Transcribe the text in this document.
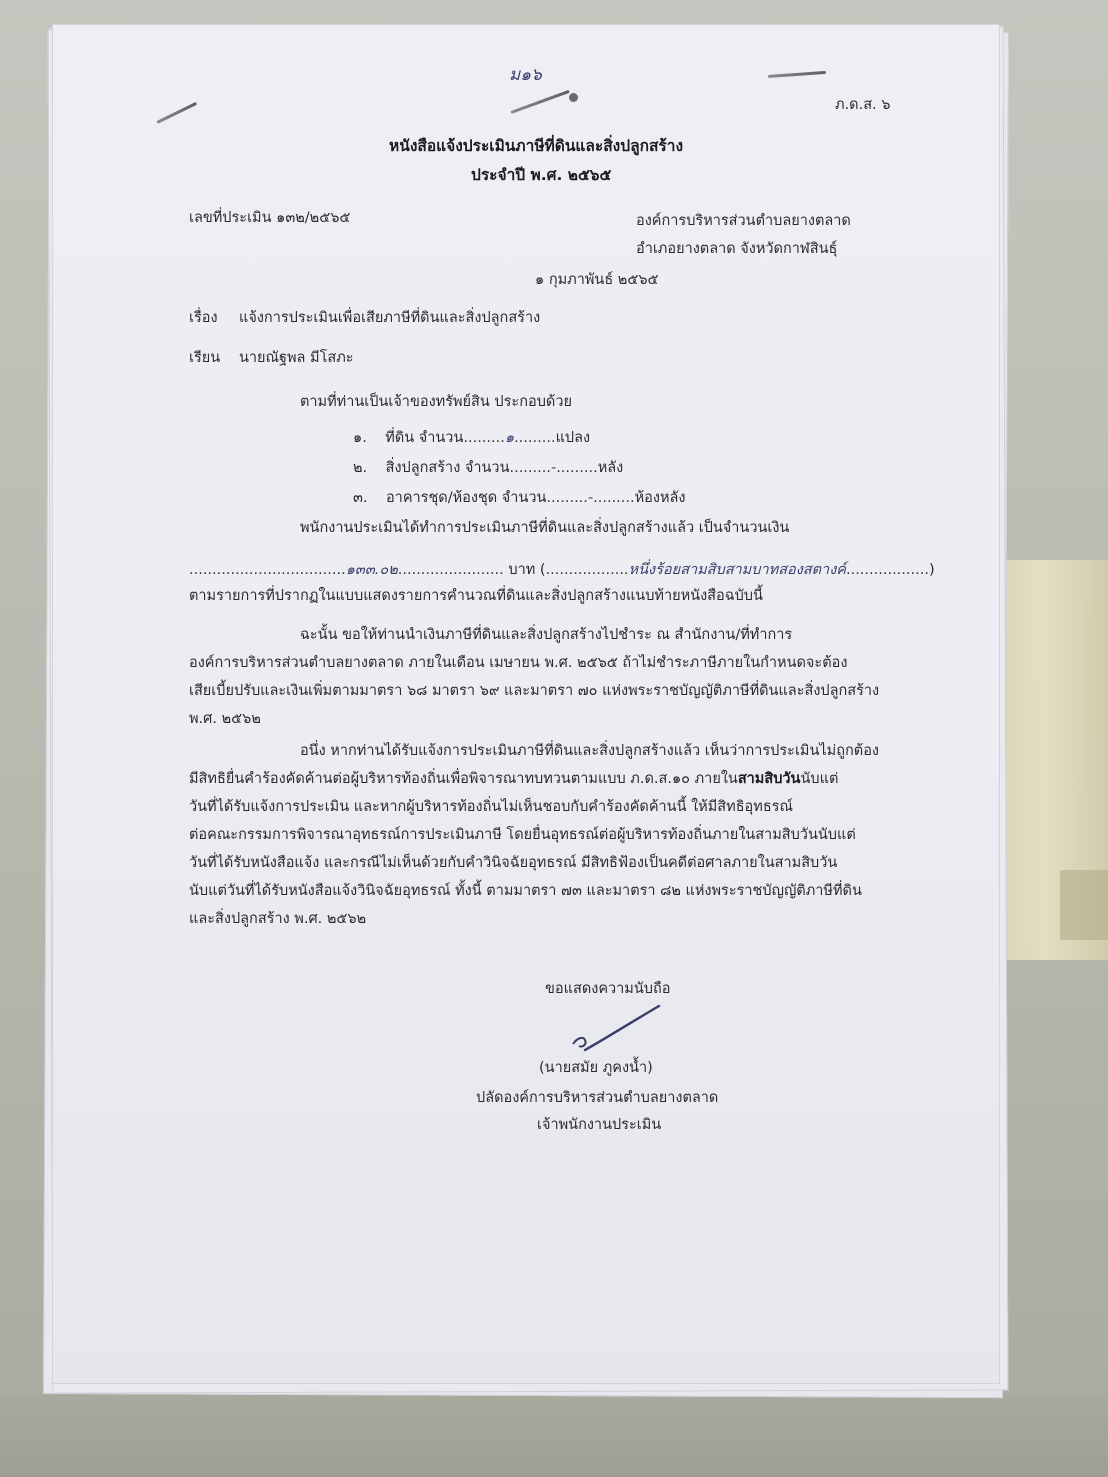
ม๑๖
ภ.ด.ส. ๖
หนังสือแจ้งประเมินภาษีที่ดินและสิ่งปลูกสร้าง
ประจำปี พ.ศ. ๒๕๖๕
เลขที่ประเมิน ๑๓๒/๒๕๖๕	องค์การบริหารส่วนตำบลยางตลาด
อำเภอยางตลาด จังหวัดกาฬสินธุ์
๑ กุมภาพันธ์ ๒๕๖๕
เรื่อง แจ้งการประเมินเพื่อเสียภาษีที่ดินและสิ่งปลูกสร้าง
เรียน นายณัฐพล มีโสภะ
ตามที่ท่านเป็นเจ้าของทรัพย์สิน ประกอบด้วย
๑. ที่ดิน จำนวน.........๑.........แปลง
๒. สิ่งปลูกสร้าง จำนวน.........-.........หลัง
๓. อาคารชุด/ห้องชุด จำนวน.........-.........ห้องหลัง
พนักงานประเมินได้ทำการประเมินภาษีที่ดินและสิ่งปลูกสร้างแล้ว เป็นจำนวนเงิน
..................................๑๓๓.๐๒....................... บาท (..................หนึ่งร้อยสามสิบสามบาทสองสตางค์..................)
ตามรายการที่ปรากฏในแบบแสดงรายการคำนวณที่ดินและสิ่งปลูกสร้างแนบท้ายหนังสือฉบับนี้
ฉะนั้น ขอให้ท่านนำเงินภาษีที่ดินและสิ่งปลูกสร้างไปชำระ ณ สำนักงาน/ที่ทำการ
องค์การบริหารส่วนตำบลยางตลาด ภายในเดือน เมษายน พ.ศ. ๒๕๖๕ ถ้าไม่ชำระภาษีภายในกำหนดจะต้อง
เสียเบี้ยปรับและเงินเพิ่มตามมาตรา ๖๘ มาตรา ๖๙ และมาตรา ๗๐ แห่งพระราชบัญญัติภาษีที่ดินและสิ่งปลูกสร้าง
พ.ศ. ๒๕๖๒
อนึ่ง หากท่านได้รับแจ้งการประเมินภาษีที่ดินและสิ่งปลูกสร้างแล้ว เห็นว่าการประเมินไม่ถูกต้อง
มีสิทธิยื่นคำร้องคัดค้านต่อผู้บริหารท้องถิ่นเพื่อพิจารณาทบทวนตามแบบ ภ.ด.ส.๑๐ ภายในสามสิบวันนับแต่
วันที่ได้รับแจ้งการประเมิน และหากผู้บริหารท้องถิ่นไม่เห็นชอบกับคำร้องคัดค้านนี้ ให้มีสิทธิอุทธรณ์
ต่อคณะกรรมการพิจารณาอุทธรณ์การประเมินภาษี โดยยื่นอุทธรณ์ต่อผู้บริหารท้องถิ่นภายในสามสิบวันนับแต่
วันที่ได้รับหนังสือแจ้ง และกรณีไม่เห็นด้วยกับคำวินิจฉัยอุทธรณ์ มีสิทธิฟ้องเป็นคดีต่อศาลภายในสามสิบวัน
นับแต่วันที่ได้รับหนังสือแจ้งวินิจฉัยอุทธรณ์ ทั้งนี้ ตามมาตรา ๗๓ และมาตรา ๘๒ แห่งพระราชบัญญัติภาษีที่ดิน
และสิ่งปลูกสร้าง พ.ศ. ๒๕๖๒
ขอแสดงความนับถือ
(นายสมัย ภูคงน้ำ)
ปลัดองค์การบริหารส่วนตำบลยางตลาด
เจ้าพนักงานประเมิน
